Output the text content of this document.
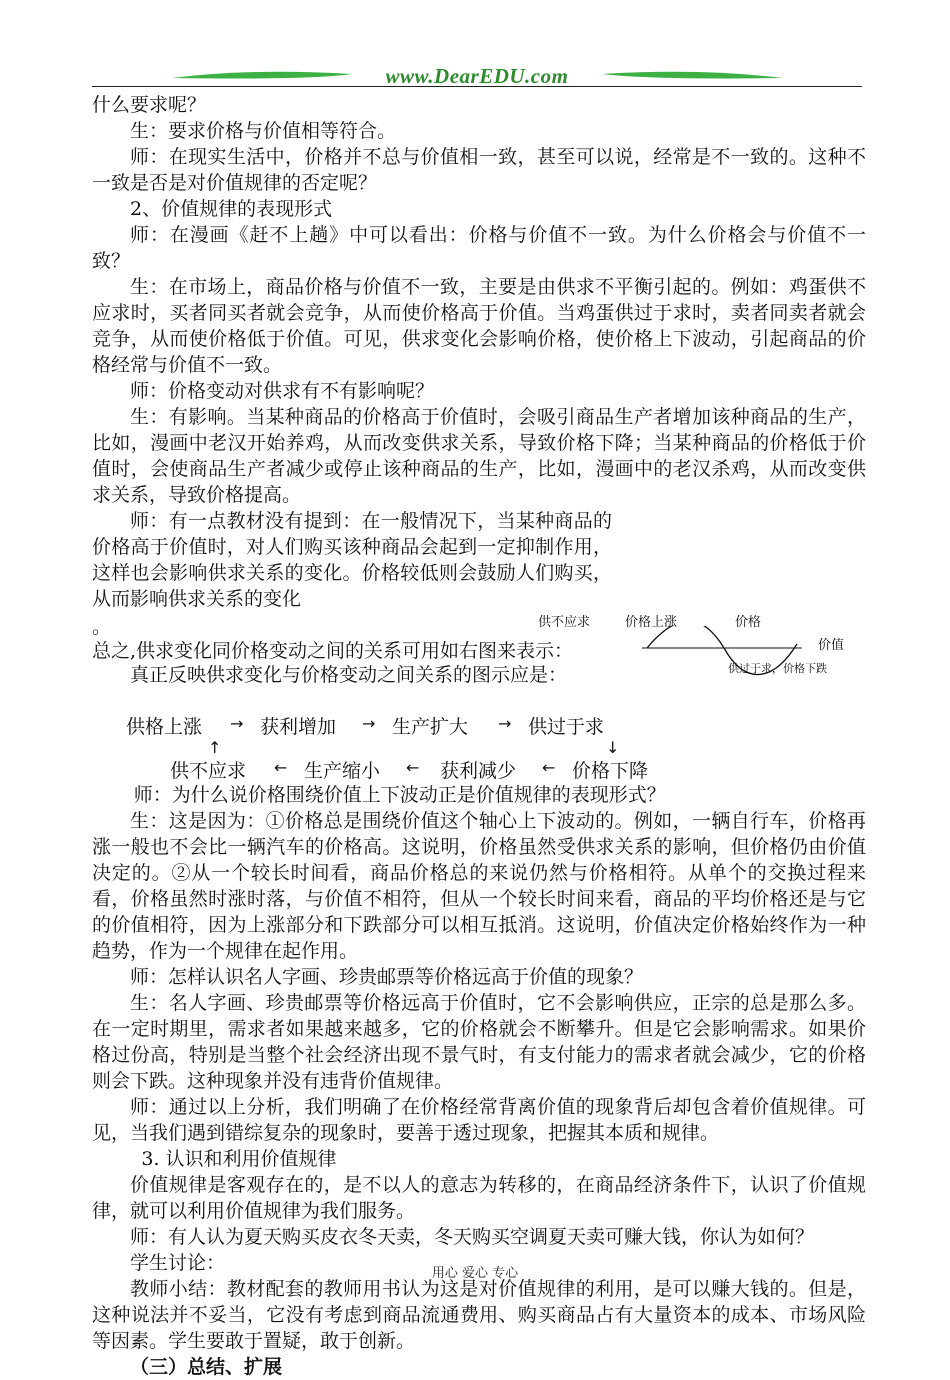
www.DearEDU.com

什么要求呢？

生：要求价格与价值相等符合。

师：在现实生活中，价格并不总与价值相一致，甚至可以说，经常是不一致的。这种不一致是否是对价值规律的否定呢？

2、价值规律的表现形式

师：在漫画《赶不上趟》中可以看出：价格与价值不一致。为什么价格会与价值不一致？

生：在市场上，商品价格与价值不一致，主要是由供求不平衡引起的。例如：鸡蛋供不应求时，买者同买者就会竞争，从而使价格高于价值。当鸡蛋供过于求时，卖者同卖者就会竞争，从而使价格低于价值。可见，供求变化会影响价格，使价格上下波动，引起商品的价格经常与价值不一致。

师：价格变动对供求有不有影响呢？

生：有影响。当某种商品的价格高于价值时，会吸引商品生产者增加该种商品的生产，比如，漫画中老汉开始养鸡，从而改变供求关系，导致价格下降；当某种商品的价格低于价值时，会使商品生产者减少或停止该种商品的生产，比如，漫画中的老汉杀鸡，从而改变供求关系，导致价格提高。

师：有一点教材没有提到：在一般情况下，当某种商品的价格高于价值时，对人们购买该种商品会起到一定抑制作用，这样也会影响供求关系的变化。价格较低则会鼓励人们购买，从而影响供求关系的变化

。	供不应求	价格上涨	价格
价值
供过于求，价格下跌

总之,供求变化同价格变动之间的关系可用如右图来表示：

真正反映供求变化与价格变动之间关系的图示应是：

供格上涨 → 获利增加 → 生产扩大 → 供过于求
↑	↓
供不应求 ← 生产缩小 ← 获利减少 ← 价格下降

师：为什么说价格围绕价值上下波动正是价值规律的表现形式？

生：这是因为：①价格总是围绕价值这个轴心上下波动的。例如，一辆自行车，价格再涨一般也不会比一辆汽车的价格高。这说明，价格虽然受供求关系的影响，但价格仍由价值决定的。②从一个较长时间看，商品价格总的来说仍然与价格相符。从单个的交换过程来看，价格虽然时涨时落，与价值不相符，但从一个较长时间来看，商品的平均价格还是与它的价值相符，因为上涨部分和下跌部分可以相互抵消。这说明，价值决定价格始终作为一种趋势，作为一个规律在起作用。

师：怎样认识名人字画、珍贵邮票等价格远高于价值的现象？

生：名人字画、珍贵邮票等价格远高于价值时，它不会影响供应，正宗的总是那么多。在一定时期里，需求者如果越来越多，它的价格就会不断攀升。但是它会影响需求。如果价格过份高，特别是当整个社会经济出现不景气时，有支付能力的需求者就会减少，它的价格则会下跌。这种现象并没有违背价值规律。

师：通过以上分析，我们明确了在价格经常背离价值的现象背后却包含着价值规律。可见，当我们遇到错综复杂的现象时，要善于透过现象，把握其本质和规律。

3. 认识和利用价值规律

价值规律是客观存在的，是不以人的意志为转移的，在商品经济条件下，认识了价值规律，就可以利用价值规律为我们服务。

师：有人认为夏天购买皮衣冬天卖，冬天购买空调夏天卖可赚大钱，你认为如何？

学生讨论：

教师小结：教材配套的教师用书认为这是对价值规律的利用，是可以赚大钱的。但是，这种说法并不妥当，它没有考虑到商品流通费用、购买商品占有大量资本的成本、市场风险等因素。学生要敢于置疑，敢于创新。

（三）总结、扩展

用心 爱心 专心
